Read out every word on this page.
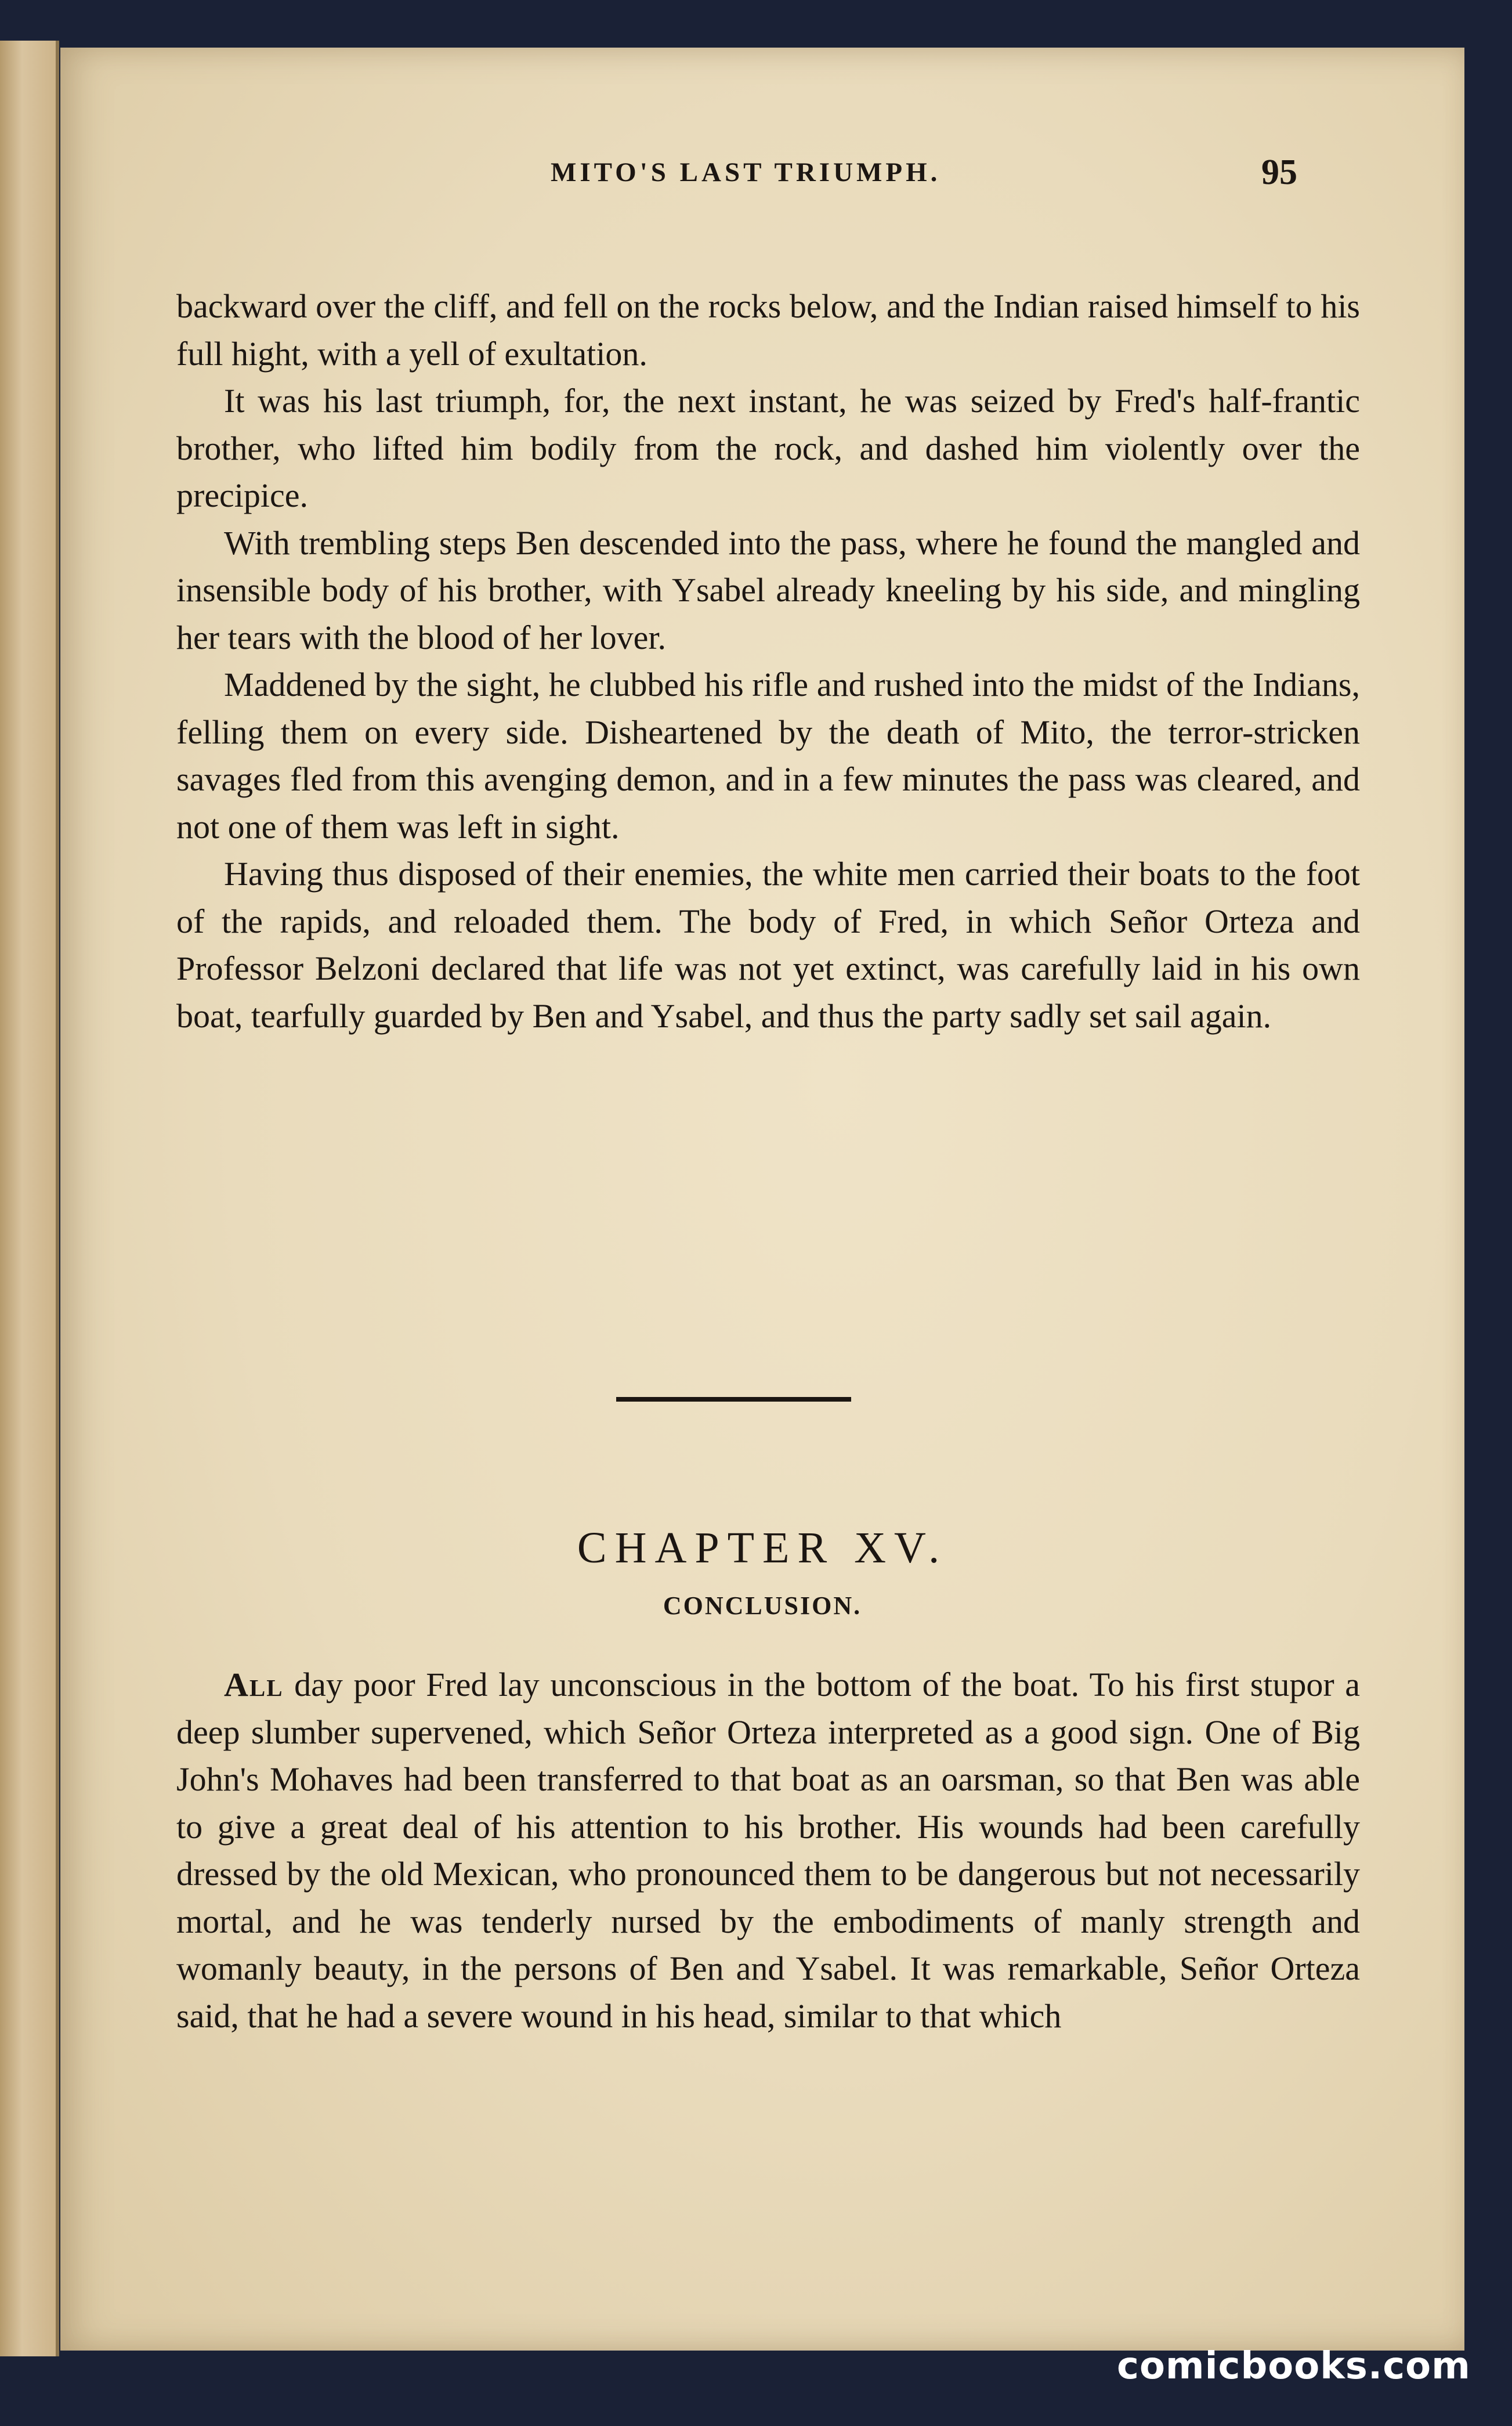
MITO'S LAST TRIUMPH.	95

backward over the cliff, and fell on the rocks below, and the Indian raised himself to his full hight, with a yell of exultation.

It was his last triumph, for, the next instant, he was seized by Fred's half-frantic brother, who lifted him bodily from the rock, and dashed him violently over the precipice.

With trembling steps Ben descended into the pass, where he found the mangled and insensible body of his brother, with Ysabel already kneeling by his side, and mingling her tears with the blood of her lover.

Maddened by the sight, he clubbed his rifle and rushed into the midst of the Indians, felling them on every side. Disheartened by the death of Mito, the terror-stricken savages fled from this avenging demon, and in a few minutes the pass was cleared, and not one of them was left in sight.

Having thus disposed of their enemies, the white men carried their boats to the foot of the rapids, and reloaded them. The body of Fred, in which Señor Orteza and Professor Belzoni declared that life was not yet extinct, was carefully laid in his own boat, tearfully guarded by Ben and Ysabel, and thus the party sadly set sail again.

CHAPTER XV.
CONCLUSION.

All day poor Fred lay unconscious in the bottom of the boat. To his first stupor a deep slumber supervened, which Señor Orteza interpreted as a good sign. One of Big John's Mohaves had been transferred to that boat as an oarsman, so that Ben was able to give a great deal of his attention to his brother. His wounds had been carefully dressed by the old Mexican, who pronounced them to be dangerous but not necessarily mortal, and he was tenderly nursed by the embodiments of manly strength and womanly beauty, in the persons of Ben and Ysabel. It was remarkable, Señor Orteza said, that he had a severe wound in his head, similar to that which

comicbooks.com
